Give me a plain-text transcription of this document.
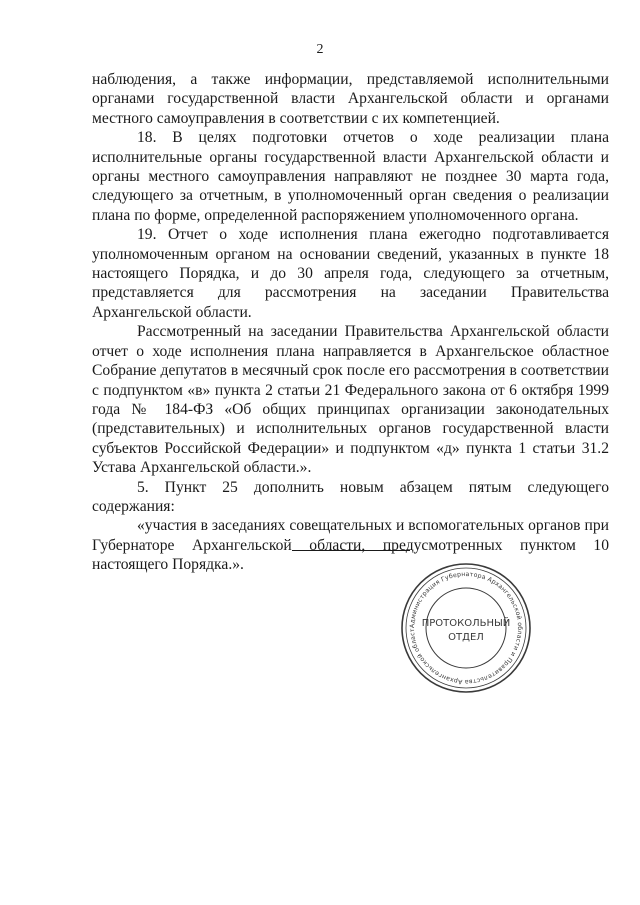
2

наблюдения, а также информации, представляемой исполнительными органами государственной власти Архангельской области и органами местного самоуправления в соответствии с их компетенцией.

18. В целях подготовки отчетов о ходе реализации плана исполнительные органы государственной власти Архангельской области и органы местного самоуправления направляют не позднее 30 марта года, следующего за отчетным, в уполномоченный орган сведения о реализации плана по форме, определенной распоряжением уполномоченного органа.

19. Отчет о ходе исполнения плана ежегодно подготавливается уполномоченным органом на основании сведений, указанных в пункте 18 настоящего Порядка, и до 30 апреля года, следующего за отчетным, представляется для рассмотрения на заседании Правительства Архангельской области.

Рассмотренный на заседании Правительства Архангельской области отчет о ходе исполнения плана направляется в Архангельское областное Собрание депутатов в месячный срок после его рассмотрения в соответствии с подпунктом «в» пункта 2 статьи 21 Федерального закона от 6 октября 1999 года № 184-ФЗ «Об общих принципах организации законодательных (представительных) и исполнительных органов государственной власти субъектов Российской Федерации» и подпунктом «д» пункта 1 статьи 31.2 Устава Архангельской области.».

5. Пункт 25 дополнить новым абзацем пятым следующего содержания:

«участия в заседаниях совещательных и вспомогательных органов при Губернаторе Архангельской области, предусмотренных пунктом 10 настоящего Порядка.».

Администрация Губернатора Архангельской области и Правительства Архангельской област
ПРОТОКОЛЬНЫЙ
ОТДЕЛ
